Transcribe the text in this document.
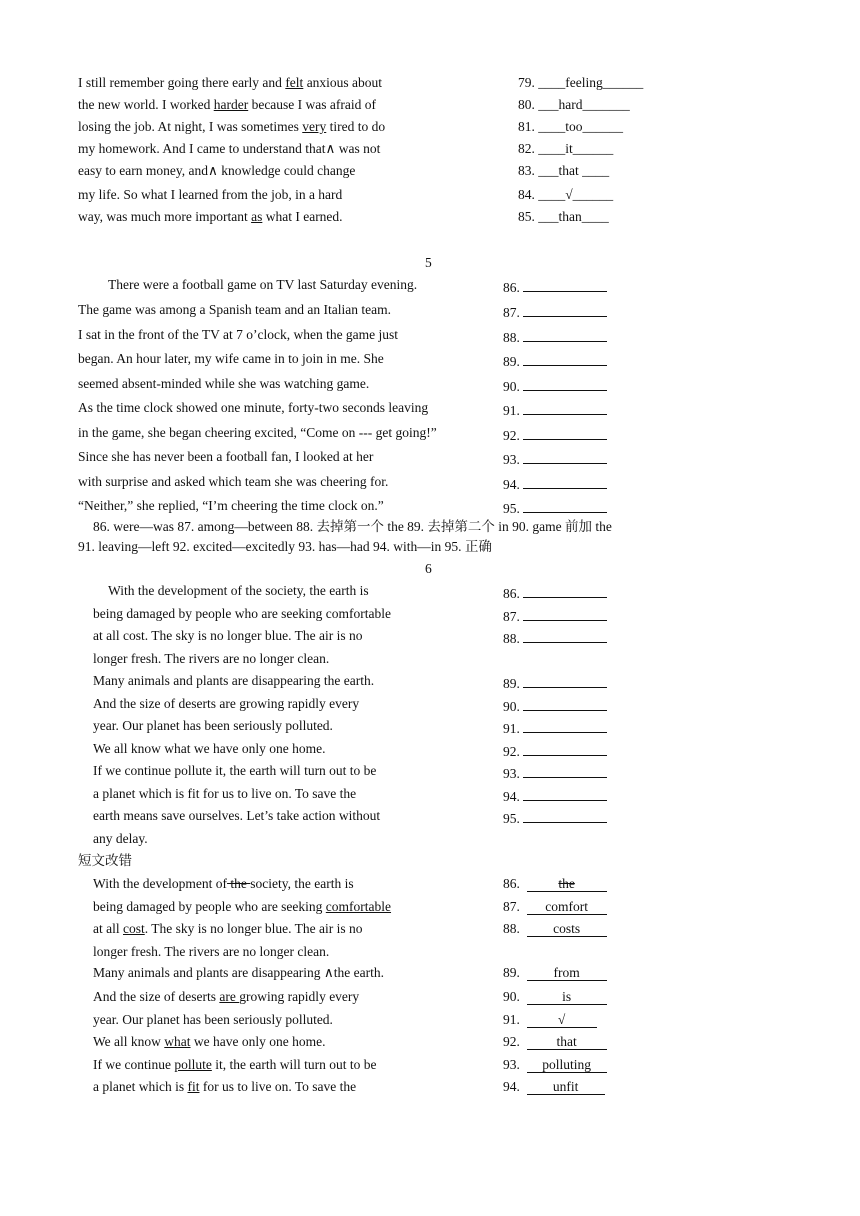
I still remember going there early and felt anxious about
the new world. I worked harder because I was afraid of
losing the job. At night, I was sometimes very tired to do
my homework. And I came to understand that∧ was not
easy to earn money, and∧ knowledge could change
my life. So what I learned from the job, in a hard
way, was much more important as what I earned.
79. ____feeling______
80. ___hard_______
81. ____too______
82. ____it______
83. ___that ____
84. ____√______
85. ___than____
5
There were a football game on TV last Saturday evening.
The game was among a Spanish team and an Italian team.
I sat in the front of the TV at 7 o’clock, when the game just
began. An hour later, my wife came in to join in me. She
seemed absent-minded while she was watching game.
As the time clock showed one minute, forty-two seconds leaving
in the game, she began cheering excited, “Come on --- get going!”
Since she has never been a football fan, I looked at her
with surprise and asked which team she was cheering for.
“Neither,” she replied, “I’m cheering the time clock on.”
86.
87.
88.
89.
90.
91.
92.
93.
94.
95.
86. were—was 87. among—between 88. 去掉第一个 the 89. 去掉第二个 in 90. game 前加 the
91. leaving—left 92. excited—excitedly 93. has—had 94. with—in 95. 正确
6
With the development of the society, the earth is
being damaged by people who are seeking comfortable
at all cost. The sky is no longer blue. The air is no
longer fresh. The rivers are no longer clean.
Many animals and plants are disappearing the earth.
And the size of deserts are growing rapidly every
year. Our planet has been seriously polluted.
We all know what we have only one home.
If we continue pollute it, the earth will turn out to be
a planet which is fit for us to live on. To save the
earth means save ourselves. Let’s take action without
any delay.
86.
87.
88.
89.
90.
91.
92.
93.
94.
95.
短文改错
With the development of the society, the earth is
being damaged by people who are seeking comfortable
at all cost. The sky is no longer blue. The air is no
longer fresh. The rivers are no longer clean.
Many animals and plants are disappearing ∧the earth.
And the size of deserts are growing rapidly every
year. Our planet has been seriously polluted.
We all know what we have only one home.
If we continue pollute it, the earth will turn out to be
a planet which is fit for us to live on. To save the
86.	the
87. comfort
88. costs
89. from
90.	is
91.	√
92.	that
93. polluting
94. unfit
